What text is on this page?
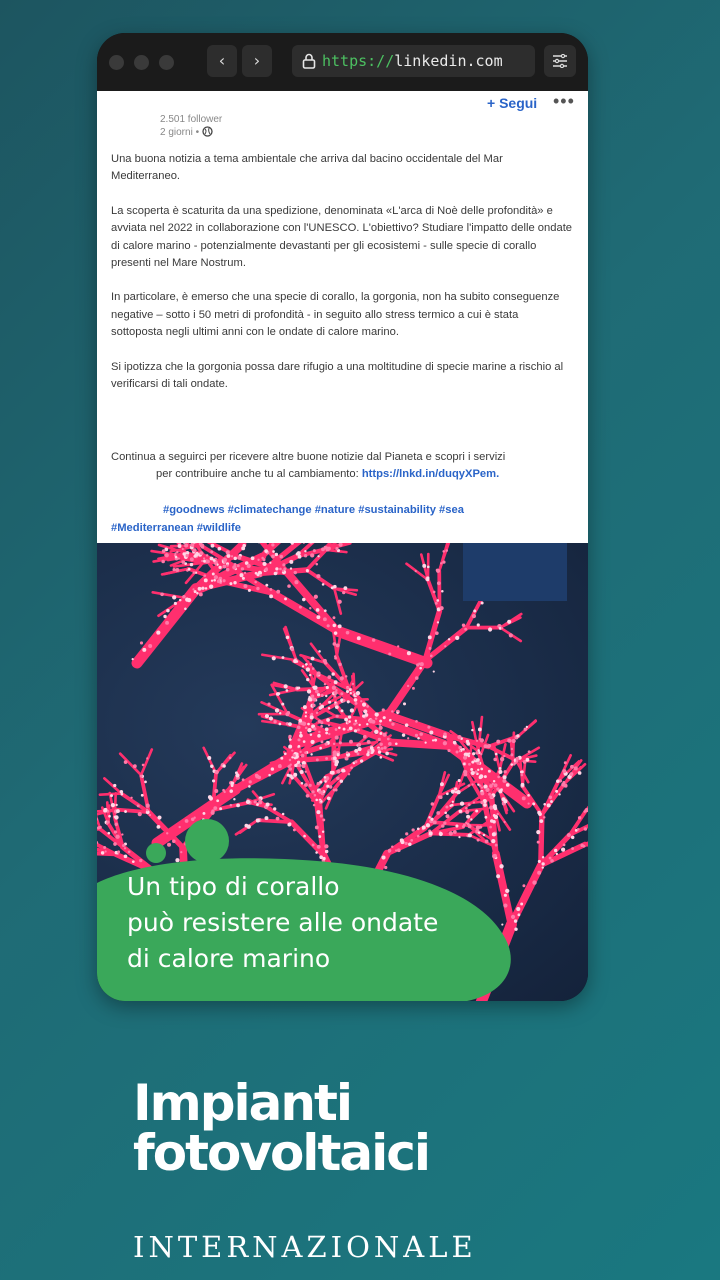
‹	›	https://linkedin.com
2.501 follower
2 giorni •
+ Segui •••

Una buona notizia a tema ambientale che arriva dal bacino occidentale del Mar Mediterraneo.

La scoperta è scaturita da una spedizione, denominata «L'arca di Noè delle profondità» e avviata nel 2022 in collaborazione con l'UNESCO. L'obiettivo? Studiare l'impatto delle ondate di calore marino - potenzialmente devastanti per gli ecosistemi - sulle specie di corallo presenti nel Mare Nostrum.

In particolare, è emerso che una specie di corallo, la gorgonia, non ha subito conseguenze negative – sotto i 50 metri di profondità - in seguito allo stress termico a cui è stata sottoposta negli ultimi anni con le ondate di calore marino.

Si ipotizza che la gorgonia possa dare rifugio a una moltitudine di specie marine a rischio al verificarsi di tali ondate.

Continua a seguirci per ricevere altre buone notizie dal Pianeta e scopri i servizi
per contribuire anche tu al cambiamento: https://lnkd.in/duqyXPem.
#goodnews #climatechange #nature #sustainability #sea
#Mediterranean #wildlife
Un tipo di corallo
può resistere alle ondate
di calore marino
Impianti
fotovoltaici
INTERNAZIONALE
